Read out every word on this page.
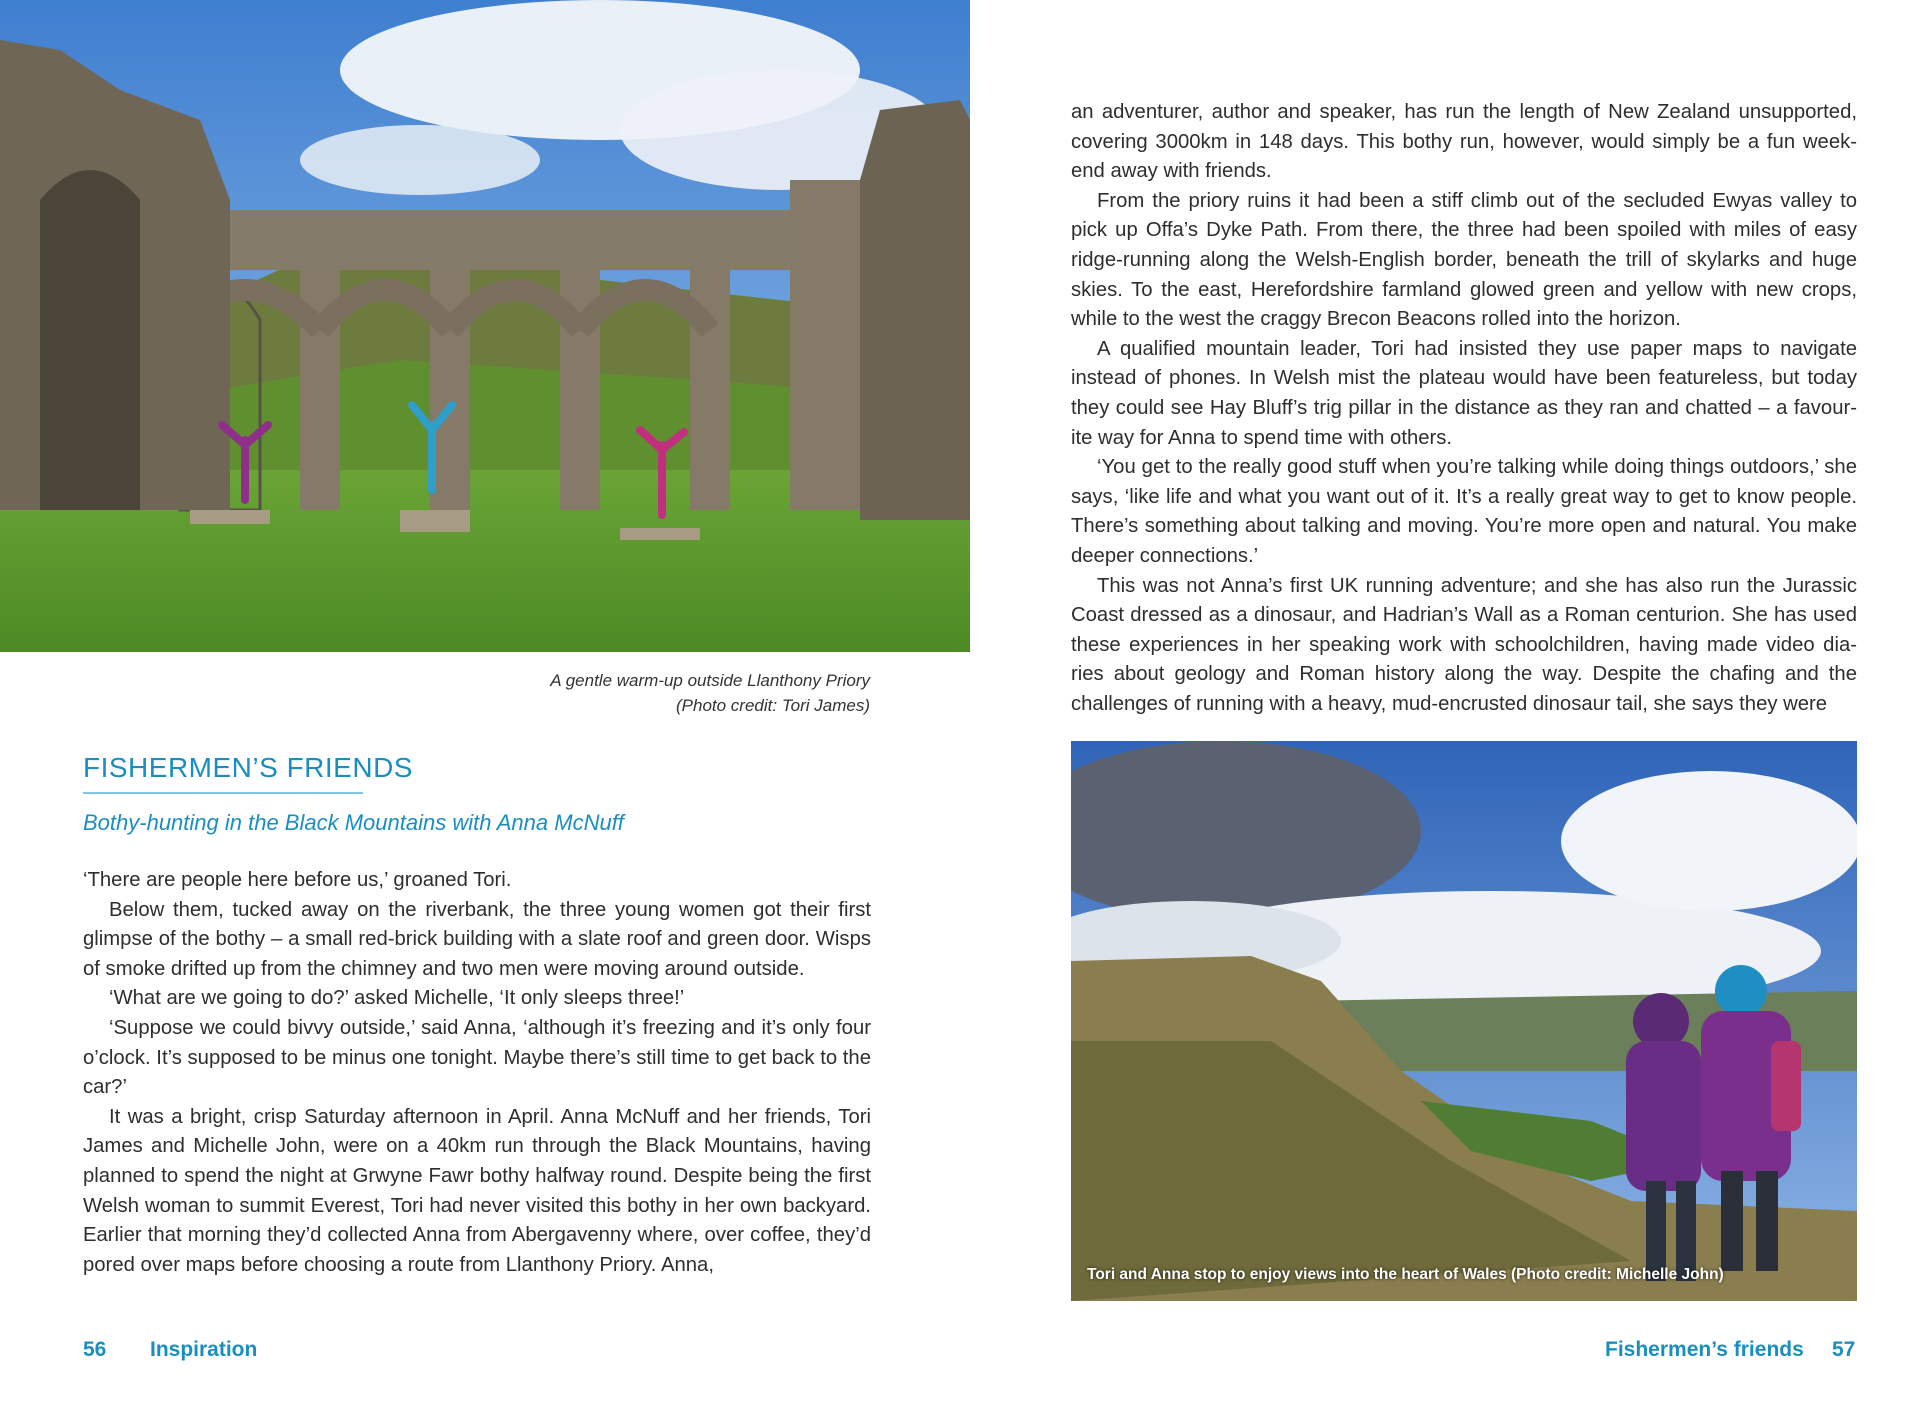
A gentle warm-up outside Llanthony Priory
(Photo credit: Tori James)
FISHERMEN’S FRIENDS
Bothy-hunting in the Black Mountains with Anna McNuff

‘There are people here before us,’ groaned Tori.

Below them, tucked away on the riverbank, the three young women got their first glimpse of the bothy – a small red-brick building with a slate roof and green door. Wisps of smoke drifted up from the chimney and two men were moving around outside.

‘What are we going to do?’ asked Michelle, ‘It only sleeps three!’

‘Suppose we could bivvy outside,’ said Anna, ‘although it’s freezing and it’s only four o’clock. It’s supposed to be minus one tonight. Maybe there’s still time to get back to the car?’

It was a bright, crisp Saturday afternoon in April. Anna McNuff and her friends, Tori James and Michelle John, were on a 40km run through the Black Mountains, having planned to spend the night at Grwyne Fawr bothy halfway round. Despite being the first Welsh woman to summit Everest, Tori had never visited this bothy in her own backyard. Earlier that morning they’d collected Anna from Abergavenny where, over coffee, they’d pored over maps before choosing a route from Llanthony Priory. Anna,

56 Inspiration

an adventurer, author and speaker, has run the length of New Zealand unsupported, covering 3000km in 148 days. This bothy run, however, would simply be a fun week-end away with friends.

From the priory ruins it had been a stiff climb out of the secluded Ewyas valley to pick up Offa’s Dyke Path. From there, the three had been spoiled with miles of easy ridge-running along the Welsh-English border, beneath the trill of skylarks and huge skies. To the east, Herefordshire farmland glowed green and yellow with new crops, while to the west the craggy Brecon Beacons rolled into the horizon.

A qualified mountain leader, Tori had insisted they use paper maps to navigate instead of phones. In Welsh mist the plateau would have been featureless, but today they could see Hay Bluff’s trig pillar in the distance as they ran and chatted – a favour-ite way for Anna to spend time with others.

‘You get to the really good stuff when you’re talking while doing things outdoors,’ she says, ‘like life and what you want out of it. It’s a really great way to get to know people. There’s something about talking and moving. You’re more open and natural. You make deeper connections.’

This was not Anna’s first UK running adventure; and she has also run the Jurassic Coast dressed as a dinosaur, and Hadrian’s Wall as a Roman centurion. She has used these experiences in her speaking work with schoolchildren, having made video dia-ries about geology and Roman history along the way. Despite the chafing and the challenges of running with a heavy, mud-encrusted dinosaur tail, she says they were

Tori and Anna stop to enjoy views into the heart of Wales (Photo credit: Michelle John)
Fishermen’s friends 57
